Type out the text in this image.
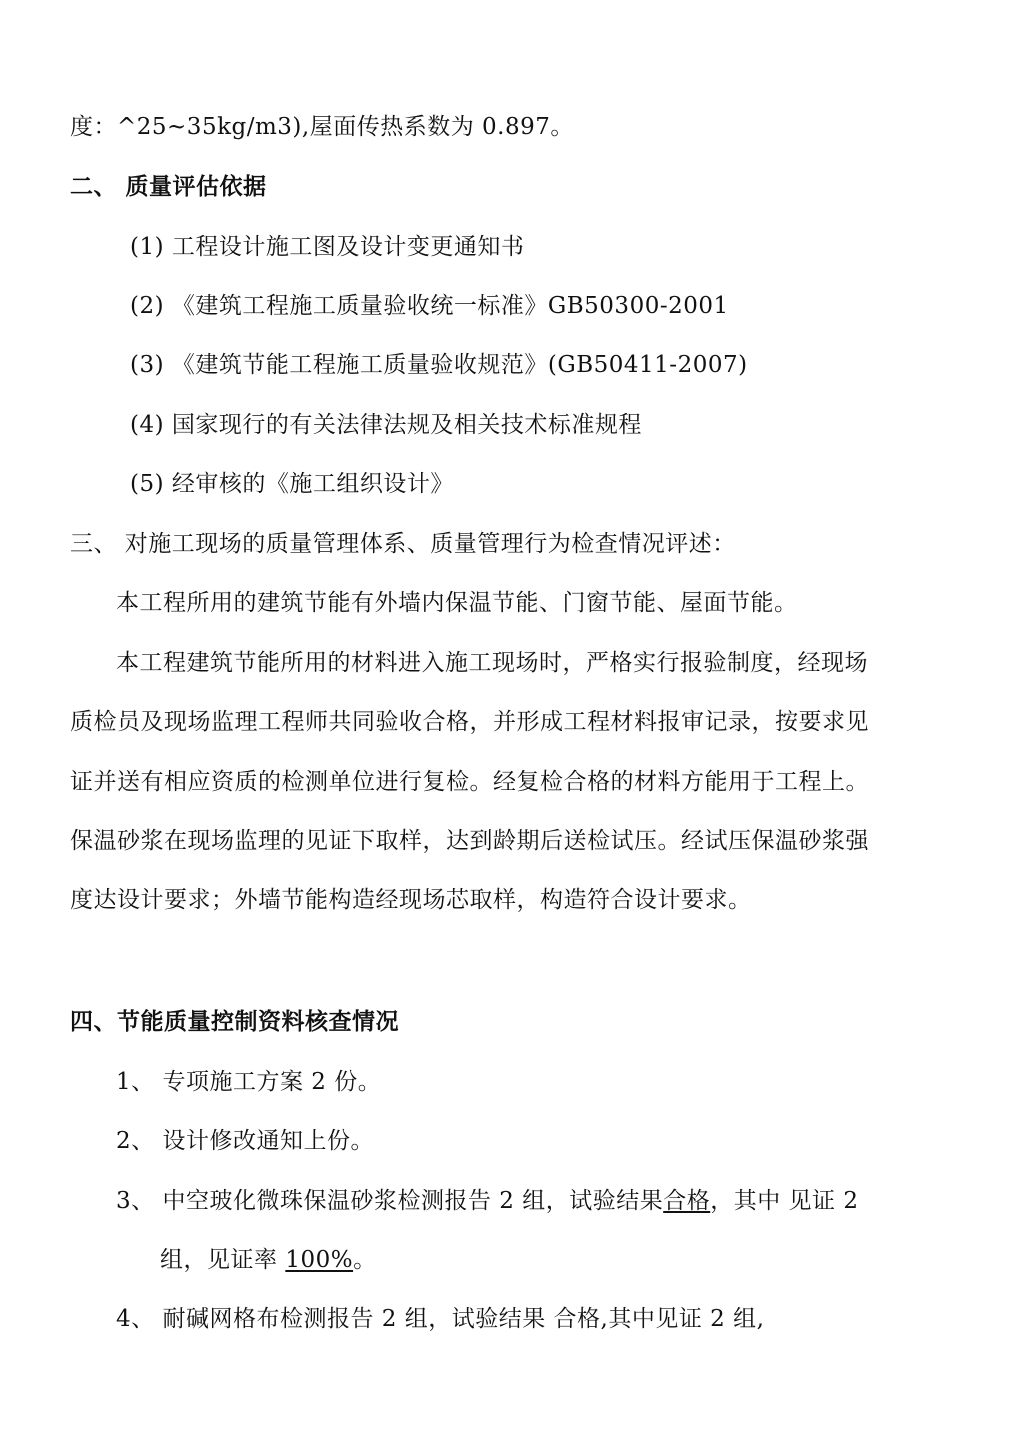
度：^25~35kg/m3),屋面传热系数为 0.897。
二、 质量评估依据
(1) 工程设计施工图及设计变更通知书
(2) 《建筑工程施工质量验收统一标准》GB50300-2001
(3) 《建筑节能工程施工质量验收规范》(GB50411-2007)
(4) 国家现行的有关法律法规及相关技术标准规程
(5) 经审核的《施工组织设计》
三、 对施工现场的质量管理体系、质量管理行为检查情况评述：
本工程所用的建筑节能有外墙内保温节能、门窗节能、屋面节能。
本工程建筑节能所用的材料进入施工现场时，严格实行报验制度，经现场
质检员及现场监理工程师共同验收合格，并形成工程材料报审记录，按要求见
证并送有相应资质的检测单位进行复检。经复检合格的材料方能用于工程上。
保温砂浆在现场监理的见证下取样，达到龄期后送检试压。经试压保温砂浆强
度达设计要求；外墙节能构造经现场芯取样，构造符合设计要求。
四、节能质量控制资料核查情况
1、 专项施工方案 2 份。
2、 设计修改通知上份。
3、 中空玻化微珠保温砂浆检测报告 2 组，试验结果合格，其中 见证 2
组，见证率 100%。
4、 耐碱网格布检测报告 2 组，试验结果 合格,其中见证 2 组,
